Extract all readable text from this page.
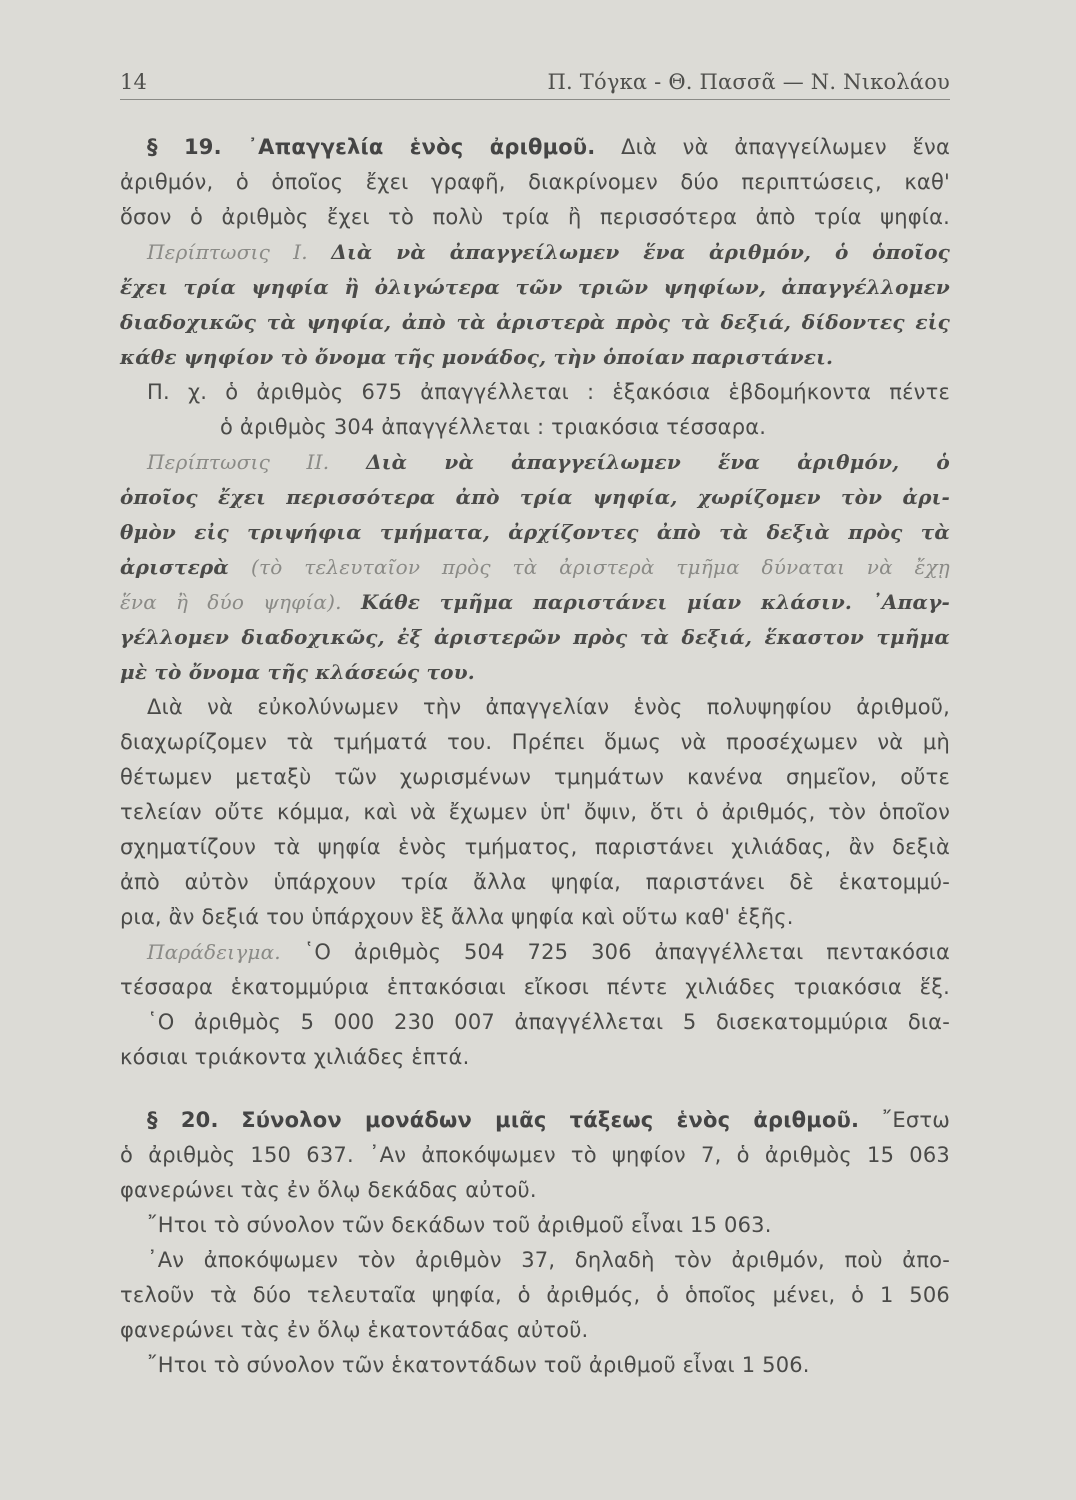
14	Π. Τόγκα - Θ. Πασσᾶ — Ν. Νικολάου
§ 19. ᾿Απαγγελία ἑνὸς ἀριθμοῦ. Διὰ νὰ ἀπαγγείλωμεν ἕνα
ἀριθμόν, ὁ ὁποῖος ἔχει γραφῆ, διακρίνομεν δύο περιπτώσεις, καθ'
ὅσον ὁ ἀριθμὸς ἔχει τὸ πολὺ τρία ἢ περισσότερα ἀπὸ τρία ψηφία.
Περίπτωσις Ι. Διὰ νὰ ἀπαγγείλωμεν ἕνα ἀριθμόν, ὁ ὁποῖος
ἔχει τρία ψηφία ἢ ὀλιγώτερα τῶν τριῶν ψηφίων, ἀπαγγέλλομεν
διαδοχικῶς τὰ ψηφία, ἀπὸ τὰ ἀριστερὰ πρὸς τὰ δεξιά, δίδοντες εἰς
κάθε ψηφίον τὸ ὄνομα τῆς μονάδος, τὴν ὁποίαν παριστάνει.
Π. χ. ὁ ἀριθμὸς 675 ἀπαγγέλλεται : ἑξακόσια ἑβδομήκοντα πέντε
ὁ ἀριθμὸς 304 ἀπαγγέλλεται : τριακόσια τέσσαρα.
Περίπτωσις ΙΙ. Διὰ νὰ ἀπαγγείλωμεν ἕνα ἀριθμόν, ὁ
ὁποῖος ἔχει περισσότερα ἀπὸ τρία ψηφία, χωρίζομεν τὸν ἀρι-
θμὸν εἰς τριψήφια τμήματα, ἀρχίζοντες ἀπὸ τὰ δεξιὰ πρὸς τὰ
ἀριστερὰ (τὸ τελευταῖον πρὸς τὰ ἀριστερὰ τμῆμα δύναται νὰ ἔχῃ
ἕνα ἢ δύο ψηφία). Κάθε τμῆμα παριστάνει μίαν κλάσιν. ᾿Απαγ-
γέλλομεν διαδοχικῶς, ἐξ ἀριστερῶν πρὸς τὰ δεξιά, ἕκαστον τμῆμα
μὲ τὸ ὄνομα τῆς κλάσεώς του.
Διὰ νὰ εὐκολύνωμεν τὴν ἀπαγγελίαν ἑνὸς πολυψηφίου ἀριθμοῦ,
διαχωρίζομεν τὰ τμήματά του. Πρέπει ὅμως νὰ προσέχωμεν νὰ μὴ
θέτωμεν μεταξὺ τῶν χωρισμένων τμημάτων κανένα σημεῖον, οὔτε
τελείαν οὔτε κόμμα, καὶ νὰ ἔχωμεν ὑπ' ὄψιν, ὅτι ὁ ἀριθμός, τὸν ὁποῖον
σχηματίζουν τὰ ψηφία ἑνὸς τμήματος, παριστάνει χιλιάδας, ἂν δεξιὰ
ἀπὸ αὐτὸν ὑπάρχουν τρία ἄλλα ψηφία, παριστάνει δὲ ἑκατομμύ-
ρια, ἂν δεξιά του ὑπάρχουν ἓξ ἄλλα ψηφία καὶ οὕτω καθ' ἑξῆς.
Παράδειγμα. ῾Ο ἀριθμὸς 504 725 306 ἀπαγγέλλεται πεντακόσια
τέσσαρα ἑκατομμύρια ἑπτακόσιαι εἴκοσι πέντε χιλιάδες τριακόσια ἕξ.
῾Ο ἀριθμὸς 5 000 230 007 ἀπαγγέλλεται 5 δισεκατομμύρια δια-
κόσιαι τριάκοντα χιλιάδες ἑπτά.
§ 20. Σύνολον μονάδων μιᾶς τάξεως ἑνὸς ἀριθμοῦ. ῎Εστω
ὁ ἀριθμὸς 150 637. ᾿Αν ἀποκόψωμεν τὸ ψηφίον 7, ὁ ἀριθμὸς 15 063
φανερώνει τὰς ἐν ὅλῳ δεκάδας αὐτοῦ.
῎Ητοι τὸ σύνολον τῶν δεκάδων τοῦ ἀριθμοῦ εἶναι 15 063.
᾿Αν ἀποκόψωμεν τὸν ἀριθμὸν 37, δηλαδὴ τὸν ἀριθμόν, ποὺ ἀπο-
τελοῦν τὰ δύο τελευταῖα ψηφία, ὁ ἀριθμός, ὁ ὁποῖος μένει, ὁ 1 506
φανερώνει τὰς ἐν ὅλῳ ἑκατοντάδας αὐτοῦ.
῎Ητοι τὸ σύνολον τῶν ἑκατοντάδων τοῦ ἀριθμοῦ εἶναι 1 506.
